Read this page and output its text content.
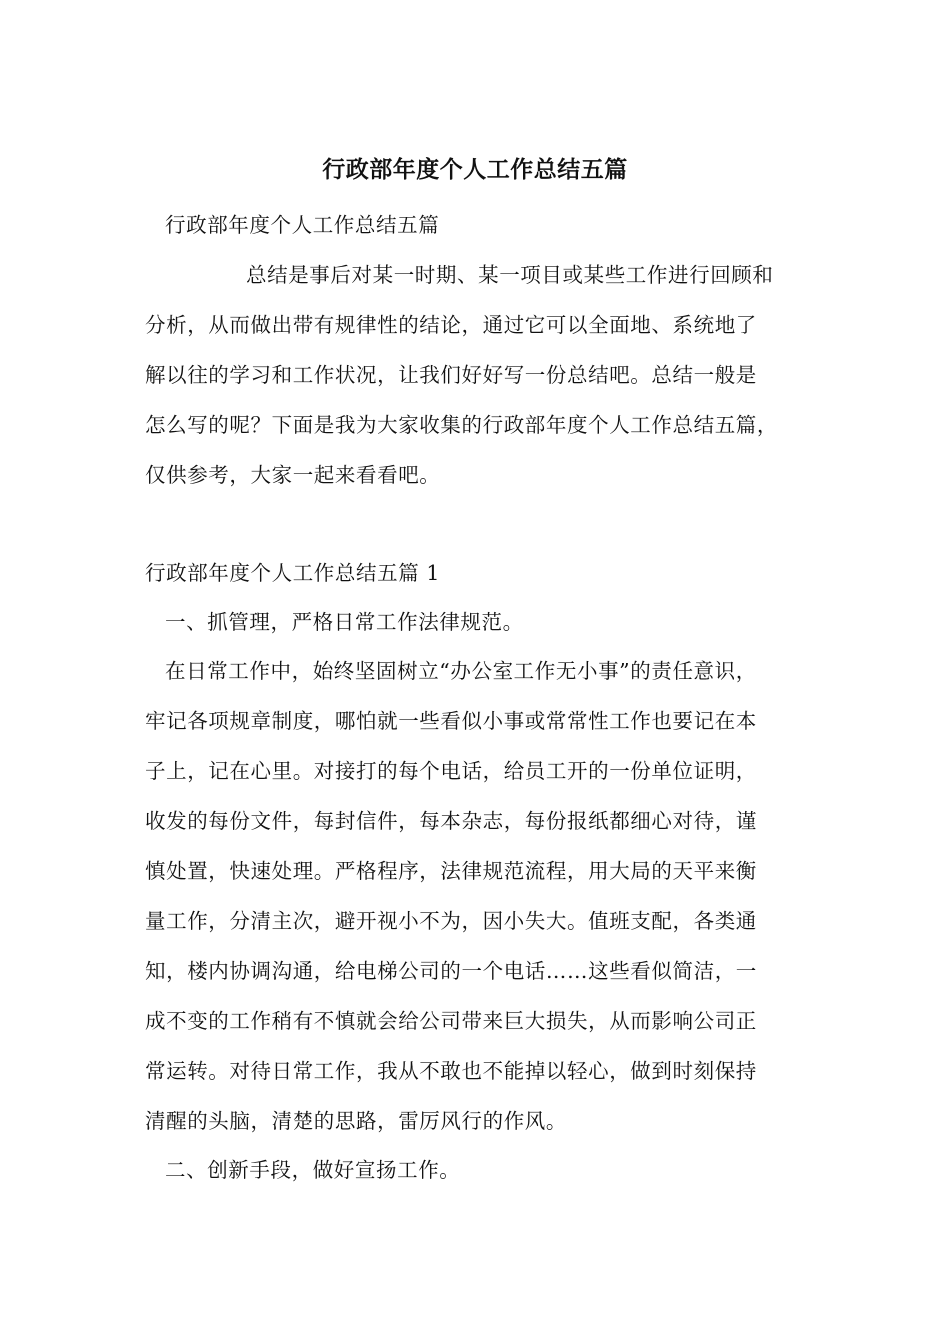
行政部年度个人工作总结五篇
行政部年度个人工作总结五篇
总结是事后对某一时期、某一项目或某些工作进行回顾和
分析，从而做出带有规律性的结论，通过它可以全面地、系统地了
解以往的学习和工作状况，让我们好好写一份总结吧。总结一般是
怎么写的呢？下面是我为大家收集的行政部年度个人工作总结五篇，
仅供参考，大家一起来看看吧。
行政部年度个人工作总结五篇 1
一、抓管理，严格日常工作法律规范。
在日常工作中，始终坚固树立“办公室工作无小事”的责任意识，
牢记各项规章制度，哪怕就一些看似小事或常常性工作也要记在本
子上，记在心里。对接打的每个电话，给员工开的一份单位证明，
收发的每份文件，每封信件，每本杂志，每份报纸都细心对待，谨
慎处置，快速处理。严格程序，法律规范流程，用大局的天平来衡
量工作，分清主次，避开视小不为，因小失大。值班支配，各类通
知，楼内协调沟通，给电梯公司的一个电话……这些看似简洁，一
成不变的工作稍有不慎就会给公司带来巨大损失，从而影响公司正
常运转。对待日常工作，我从不敢也不能掉以轻心，做到时刻保持
清醒的头脑，清楚的思路，雷厉风行的作风。
二、创新手段，做好宣扬工作。
